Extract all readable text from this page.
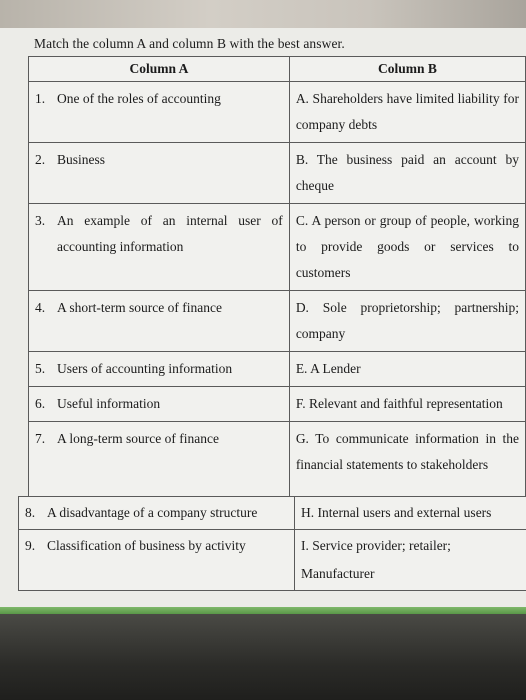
Match the column A and column B with the best answer.
Column A	Column B

1. One of the roles of accounting	A. Shareholders have limited liability for company debts

2. Business	B. The business paid an account by cheque

3. An example of an internal user of accounting information	C. A person or group of people, working to provide goods or services to customers

4. A short-term source of finance	D. Sole proprietorship; partnership; company

5. Users of accounting information	E. A Lender

6. Useful information	F. Relevant and faithful representation

7. A long-term source of finance	G. To communicate information in the financial statements to stakeholders
8. A disadvantage of a company structure	H. Internal users and external users

9. Classification of business by activity	I. Service provider; retailer; Manufacturer
